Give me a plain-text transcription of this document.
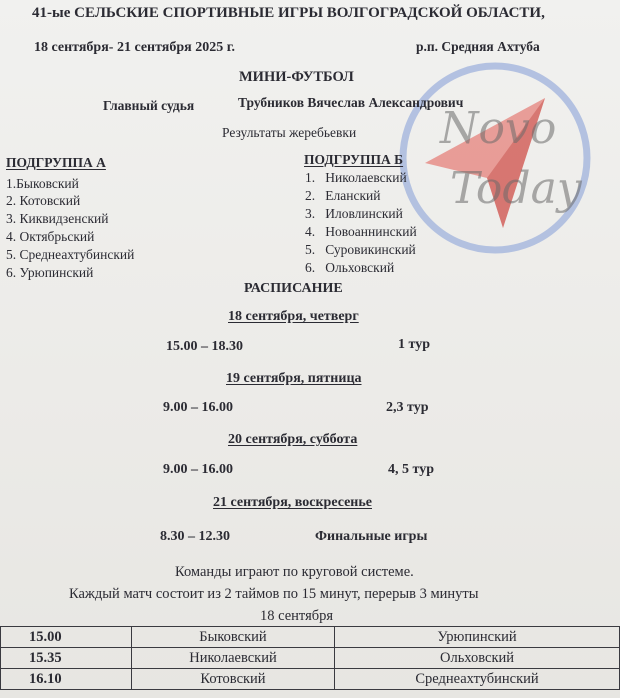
Novo
Today
41-ые СЕЛЬСКИЕ СПОРТИВНЫЕ ИГРЫ ВОЛГОГРАДСКОЙ ОБЛАСТИ,
18 сентября- 21 сентября 2025 г.	р.п. Средняя Ахтуба
МИНИ-ФУТБОЛ
Главный судья	Трубников Вячеслав Александрович
Результаты жеребьевки
ПОДГРУППА А
1.Быковский
2. Котовский
3. Киквидзенский
4. Октябрьский
5. Среднеахтубинский
6. Урюпинский
ПОДГРУППА Б
1.   Николаевский
2.   Еланский
3.   Иловлинский
4.   Новоаннинский
5.   Суровикинский
6.   Ольховский
РАСПИСАНИЕ
18 сентября, четверг
15.00 – 18.30	1 тур
19 сентября, пятница
9.00 – 16.00	2,3 тур
20 сентября, суббота
9.00 – 16.00	4, 5 тур
21 сентября, воскресенье
8.30 – 12.30	Финальные игры
Команды играют по круговой системе.
Каждый матч состоит из 2 таймов по 15 минут, перерыв 3 минуты
18 сентября
15.00	Быковский	Урюпинский
15.35	Николаевский	Ольховский
16.10	Котовский	Среднеахтубинский
